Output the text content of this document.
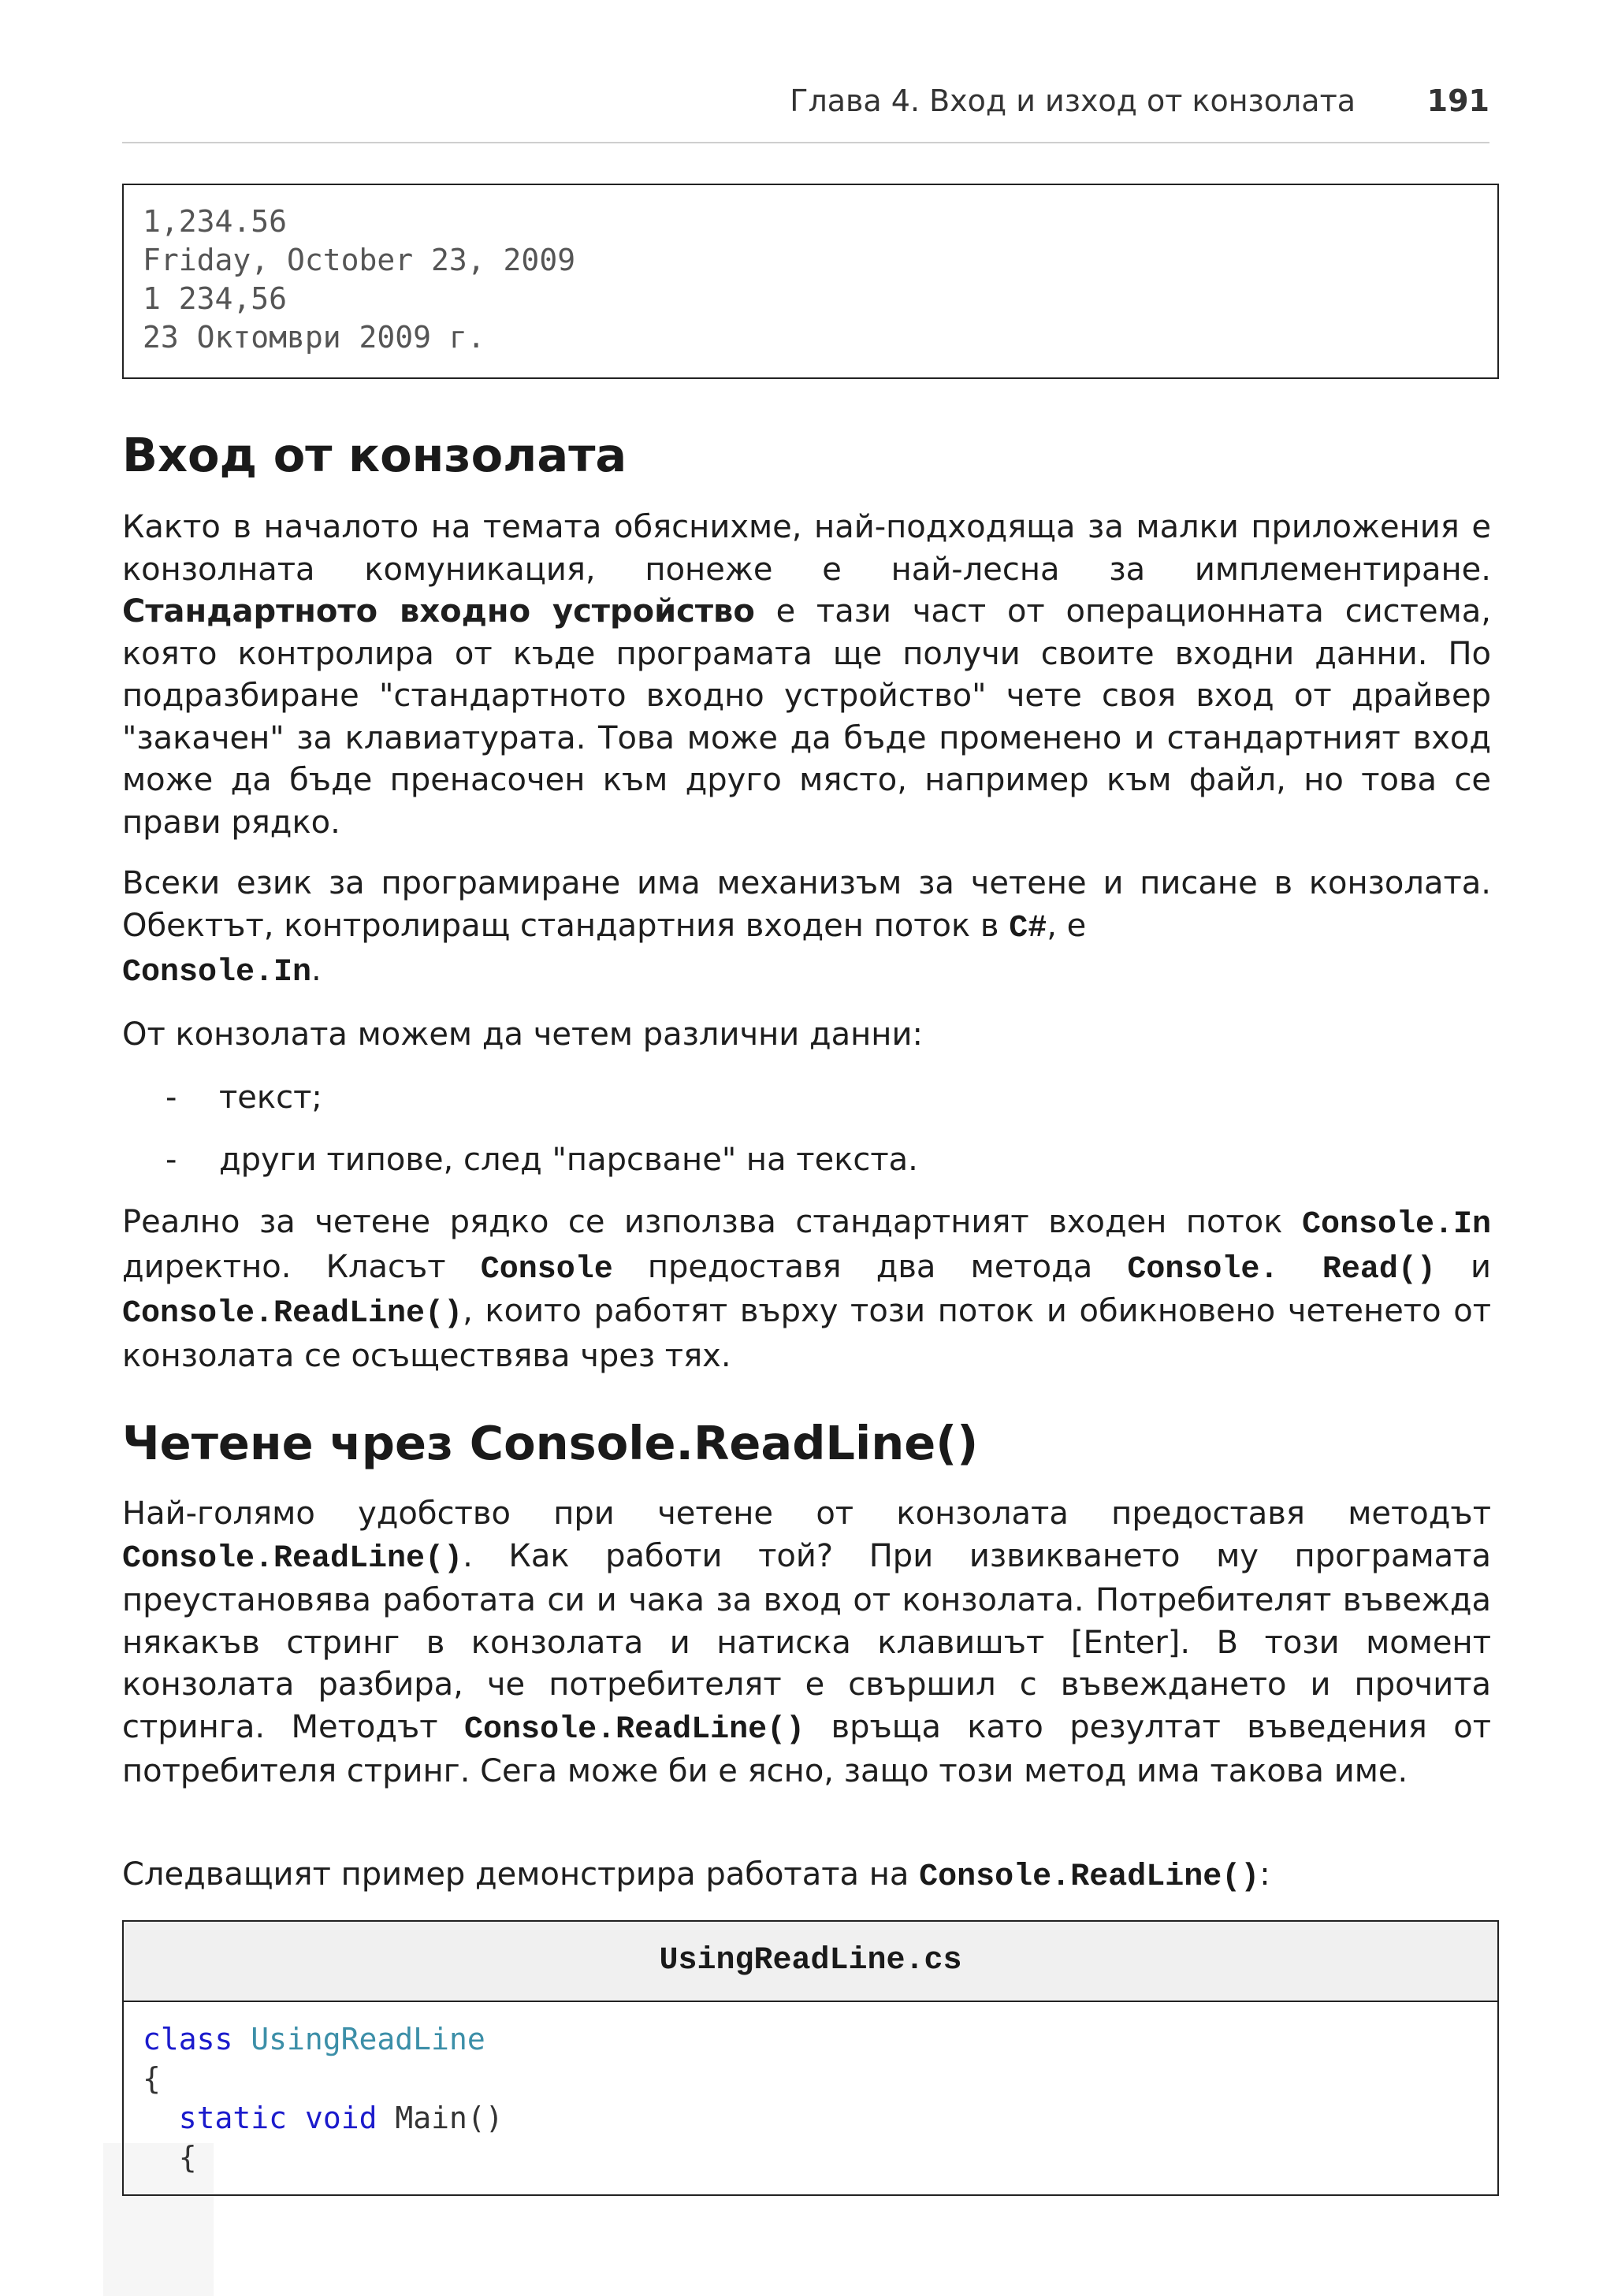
Глава 4. Вход и изход от конзолата 191
1,234.56
Friday, October 23, 2009
1 234,56
23 Октомври 2009 г.
Вход от конзолата

Както в началото на темата обяснихме, най-подходяща за малки приложения е конзолната комуникация, понеже е най-лесна за имплементиране. Стандартното входно устройство е тази част от операционната система, която контролира от къде програмата ще получи своите входни данни. По подразбиране "стандартното входно устройство" чете своя вход от драйвер "закачен" за клавиатурата. Това може да бъде променено и стандартният вход може да бъде пренасочен към друго място, например към файл, но това се прави рядко.

Всеки език за програмиране има механизъм за четене и писане в конзолата. Обектът, контролиращ стандартния входен поток в C#, е
Console.In.

От конзолата можем да четем различни данни:

- текст;
- други типове, след "парсване" на текста.

Реално за четене рядко се използва стандартният входен поток Console.In директно. Класът Console предоставя два метода Console. Read() и Console.ReadLine(), които работят върху този поток и обикновено четенето от конзолата се осъществява чрез тях.

Четене чрез Console.ReadLine()

Най-голямо удобство при четене от конзолата предоставя методът Console.ReadLine(). Как работи той? При извикването му програмата преустановява работата си и чака за вход от конзолата. Потребителят въвежда някакъв стринг в конзолата и натиска клавишът [Enter]. В този момент конзолата разбира, че потребителят е свършил с въвеждането и прочита стринга. Методът Console.ReadLine() връща като резултат въведения от потребителя стринг. Сега може би е ясно, защо този метод има такова име.

Следващият пример демонстрира работата на Console.ReadLine():

UsingReadLine.cs
class UsingReadLine
{
static void Main()
{
